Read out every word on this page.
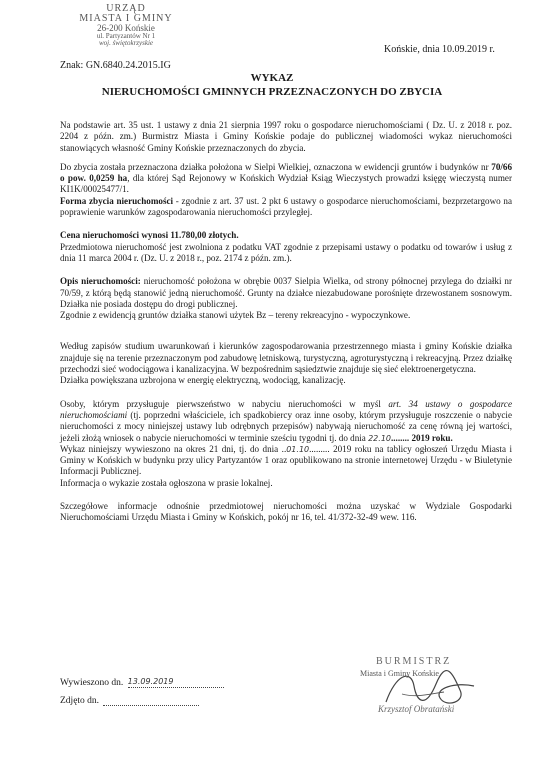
URZĄD
MIASTA I GMINY
26-200 Końskie
ul. Partyzantów Nr 1
woj. świętokrzyskie
Znak: GN.6840.24.2015.IG
Końskie, dnia 10.09.2019 r.
WYKAZ
NIERUCHOMOŚCI GMINNYCH PRZEZNACZONYCH DO ZBYCIA

Na podstawie art. 35 ust. 1 ustawy z dnia 21 sierpnia 1997 roku o gospodarce nieruchomościami ( Dz. U. z 2018 r. poz. 2204 z późn. zm.) Burmistrz Miasta i Gminy Końskie podaje do publicznej wiadomości wykaz nieruchomości stanowiących własność Gminy Końskie przeznaczonych do zbycia.

Do zbycia została przeznaczona działka położona w Sielpi Wielkiej, oznaczona w ewidencji gruntów i budynków nr 70/66 o pow. 0,0259 ha, dla której Sąd Rejonowy w Końskich Wydział Ksiąg Wieczystych prowadzi księgę wieczystą numer KI1K/00025477/1.

Forma zbycia nieruchomości - zgodnie z art. 37 ust. 2 pkt 6 ustawy o gospodarce nieruchomościami, bezprzetargowo na poprawienie warunków zagospodarowania nieruchomości przyległej.

Cena nieruchomości wynosi 11.780,00 złotych.

Przedmiotowa nieruchomość jest zwolniona z podatku VAT zgodnie z przepisami ustawy o podatku od towarów i usług z dnia 11 marca 2004 r. (Dz. U. z 2018 r., poz. 2174 z późn. zm.).

Opis nieruchomości: nieruchomość położona w obrębie 0037 Sielpia Wielka, od strony północnej przylega do działki nr 70/59, z którą będą stanowić jedną nieruchomość. Grunty na działce niezabudowane porośnięte drzewostanem sosnowym. Działka nie posiada dostępu do drogi publicznej.

Zgodnie z ewidencją gruntów działka stanowi użytek Bz – tereny rekreacyjno - wypoczynkowe.

Według zapisów studium uwarunkowań i kierunków zagospodarowania przestrzennego miasta i gminy Końskie działka znajduje się na terenie przeznaczonym pod zabudowę letniskową, turystyczną, agroturystyczną i rekreacyjną. Przez działkę przechodzi sieć wodociągowa i kanalizacyjna. W bezpośrednim sąsiedztwie znajduje się sieć elektroenergetyczna.

Działka powiększana uzbrojona w energię elektryczną, wodociąg, kanalizację.

Osoby, którym przysługuje pierwszeństwo w nabyciu nieruchomości w myśl art. 34 ustawy o gospodarce nieruchomościami (tj. poprzedni właściciele, ich spadkobiercy oraz inne osoby, którym przysługuje roszczenie o nabycie nieruchomości z mocy niniejszej ustawy lub odrębnych przepisów) nabywają nieruchomość za cenę równą jej wartości, jeżeli złożą wniosek o nabycie nieruchomości w terminie sześciu tygodni tj. do dnia 22.10........ 2019 roku.

Wykaz niniejszy wywieszono na okres 21 dni, tj. do dnia ..01.10......... 2019 roku na tablicy ogłoszeń Urzędu Miasta i Gminy w Końskich w budynku przy ulicy Partyzantów 1 oraz opublikowano na stronie internetowej Urzędu - w Biuletynie Informacji Publicznej.

Informacja o wykazie została ogłoszona w prasie lokalnej.

Szczegółowe informacje odnośnie przedmiotowej nieruchomości można uzyskać w Wydziale Gospodarki Nieruchomościami Urzędu Miasta i Gminy w Końskich, pokój nr 16, tel. 41/372-32-49 wew. 116.

Wywieszono dn. 13.09.2019
Zdjęto dn.
BURMISTRZ
Miasta i Gminy Końskie
Krzysztof Obratański
